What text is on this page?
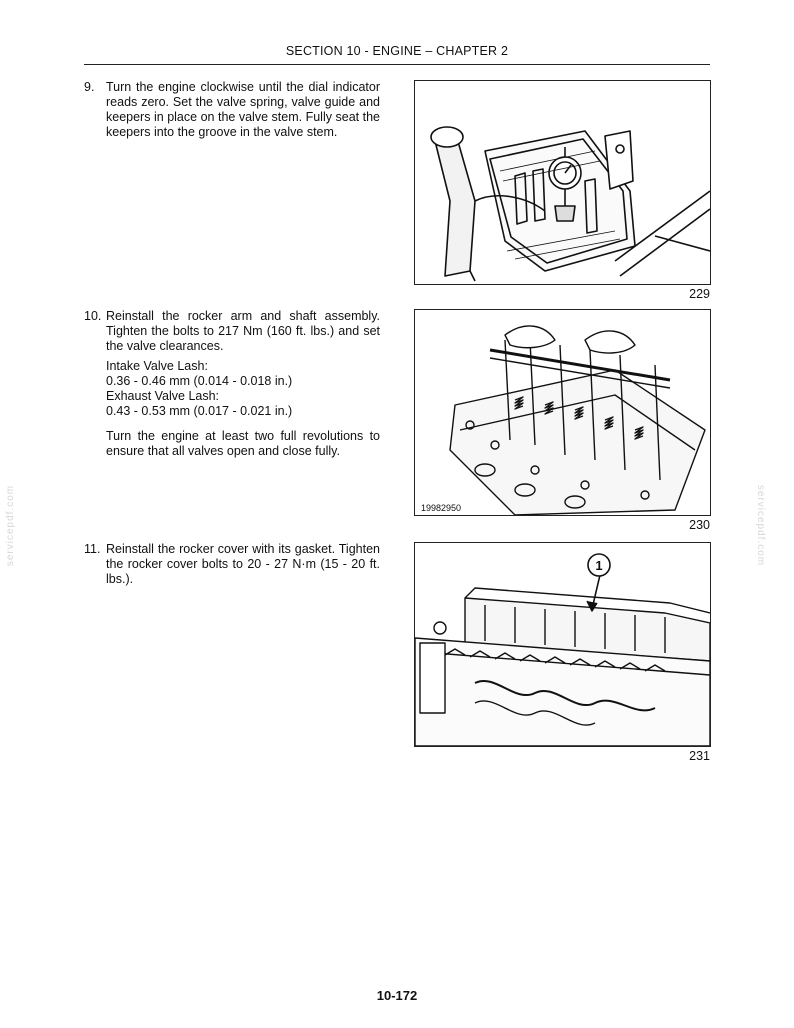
SECTION 10 - ENGINE – CHAPTER 2
9. Turn the engine clockwise until the dial indicator reads zero. Set the valve spring, valve guide and keepers in place on the valve stem. Fully seat the keepers into the groove in the valve stem.

10. Reinstall the rocker arm and shaft assembly. Tighten the bolts to 217 Nm (160 ft. lbs.) and set the valve clearances.

Intake Valve Lash:

0.36 - 0.46 mm (0.014 - 0.018 in.)

Exhaust Valve Lash:

0.43 - 0.53 mm (0.017 - 0.021 in.)

Turn the engine at least two full revolutions to ensure that all valves open and close fully.

11. Reinstall the rocker cover with its gasket. Tighten the rocker cover bolts to 20 - 27 N·m (15 - 20 ft. lbs.).

229
19982950
230
1
231
servicepdf.com	servicepdf.com
10-172
